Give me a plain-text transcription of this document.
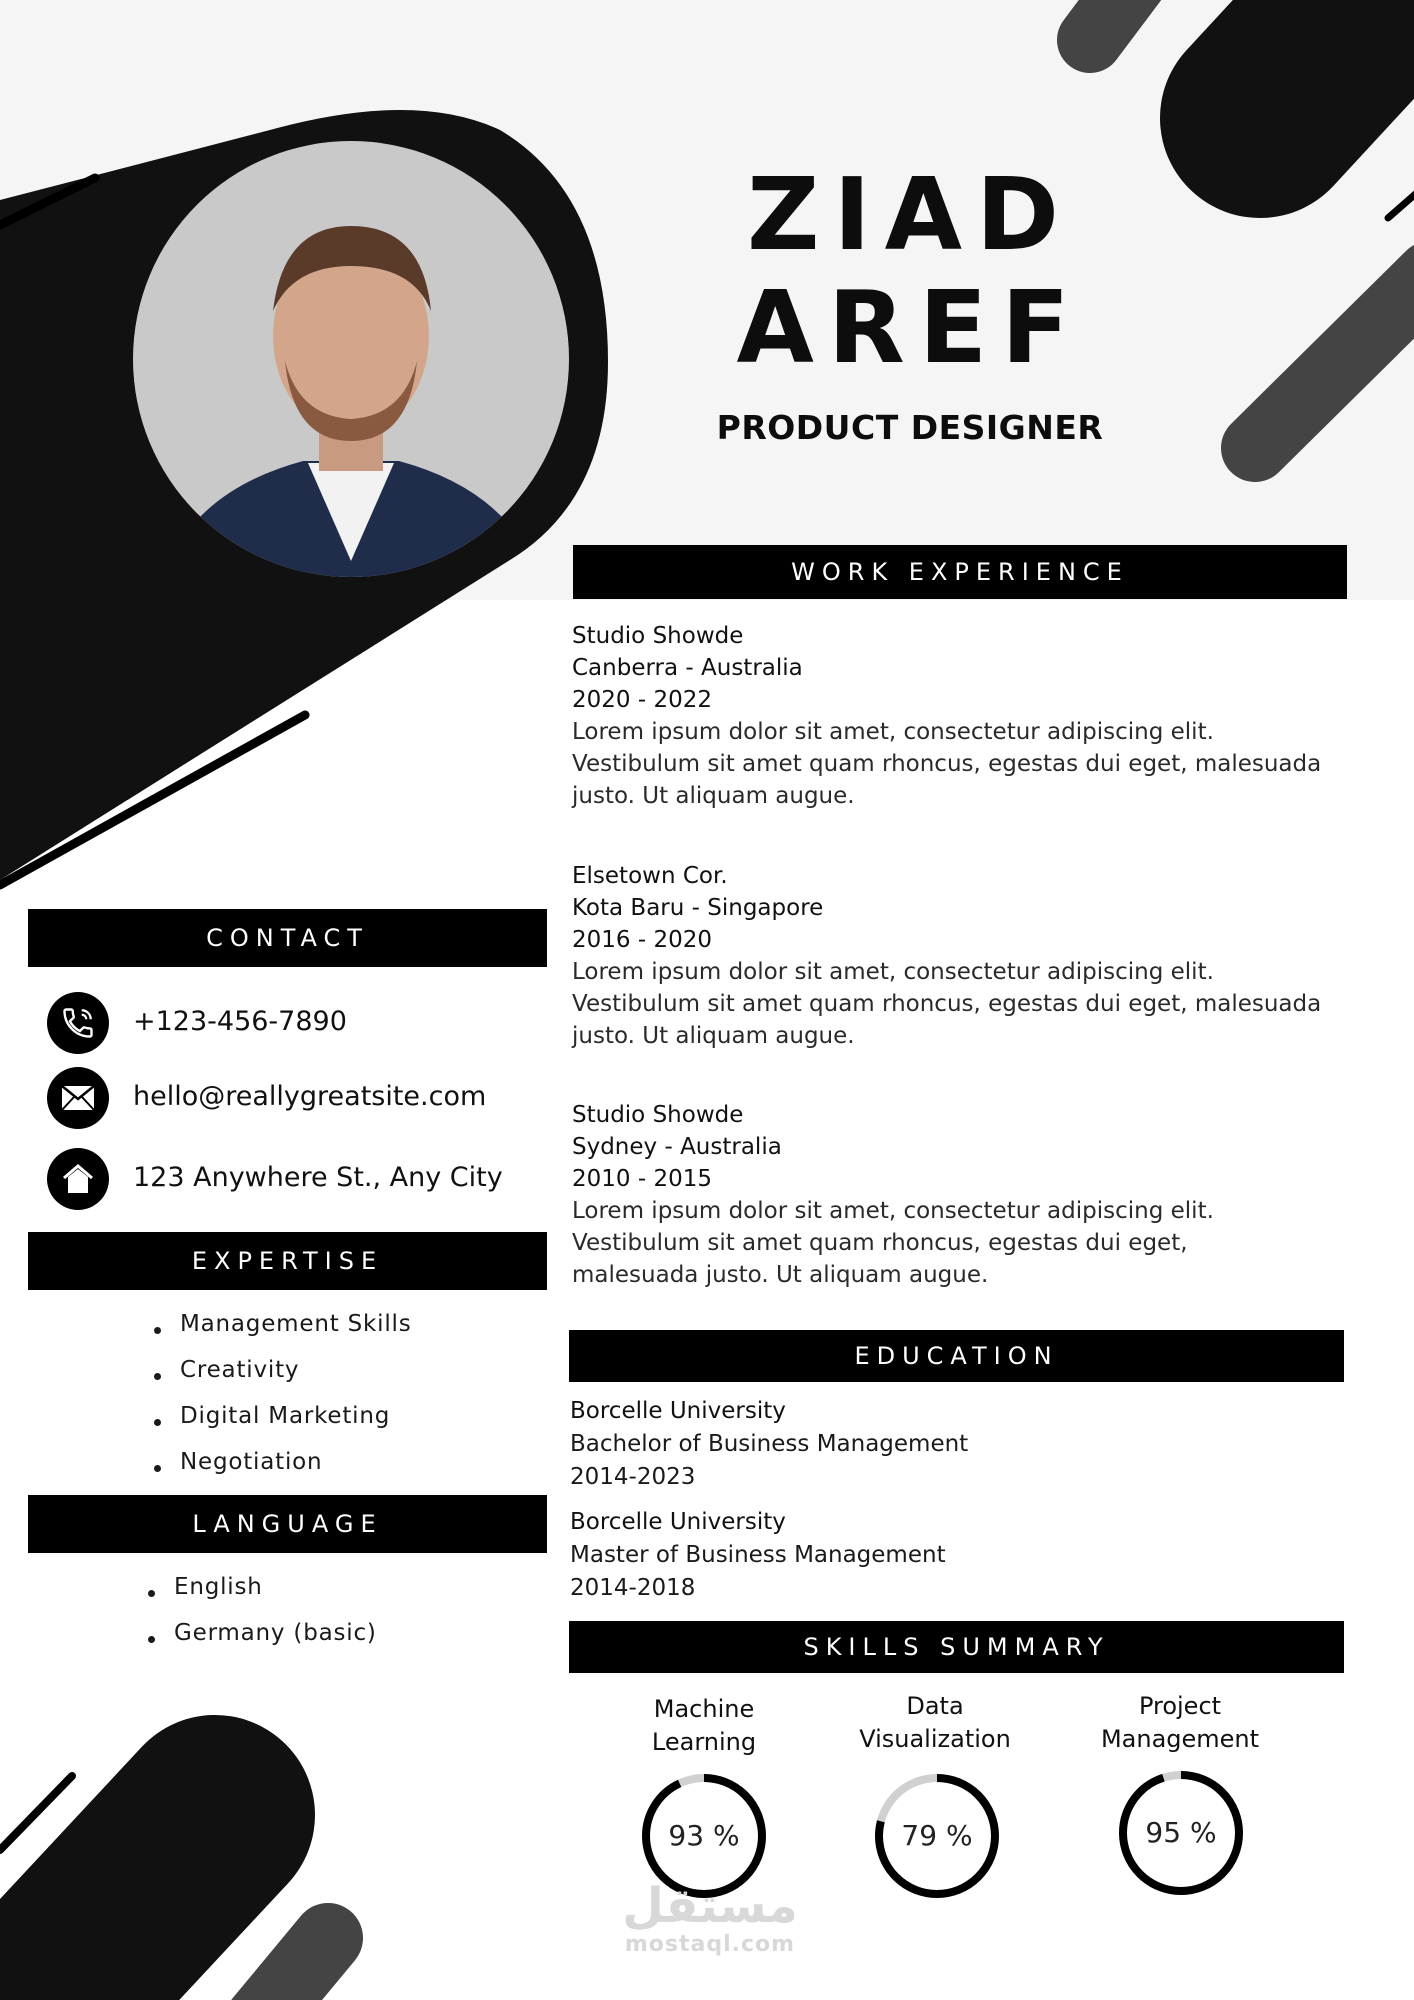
ZIAD
AREF
PRODUCT DESIGNER
WORK EXPERIENCE
Studio Showde
Canberra - Australia
2020 - 2022
Lorem ipsum dolor sit amet, consectetur adipiscing elit.
Vestibulum sit amet quam rhoncus, egestas dui eget, malesuada
justo. Ut aliquam augue.
Elsetown Cor.
Kota Baru - Singapore
2016 - 2020
Lorem ipsum dolor sit amet, consectetur adipiscing elit.
Vestibulum sit amet quam rhoncus, egestas dui eget, malesuada
justo. Ut aliquam augue.
Studio Showde
Sydney - Australia
2010 - 2015
Lorem ipsum dolor sit amet, consectetur adipiscing elit.
Vestibulum sit amet quam rhoncus, egestas dui eget,
malesuada justo. Ut aliquam augue.
CONTACT
+123-456-7890
hello@reallygreatsite.com
123 Anywhere St., Any City
EXPERTISE
Management Skills
Creativity
Digital Marketing
Negotiation
LANGUAGE
English
Germany (basic)
EDUCATION
Borcelle University
Bachelor of Business Management
2014-2023
Borcelle University
Master of Business Management
2014-2018
SKILLS SUMMARY
Machine
Learning
Data
Visualization
Project
Management
93 %	79 %	95 %
مستقل
mostaql.com
